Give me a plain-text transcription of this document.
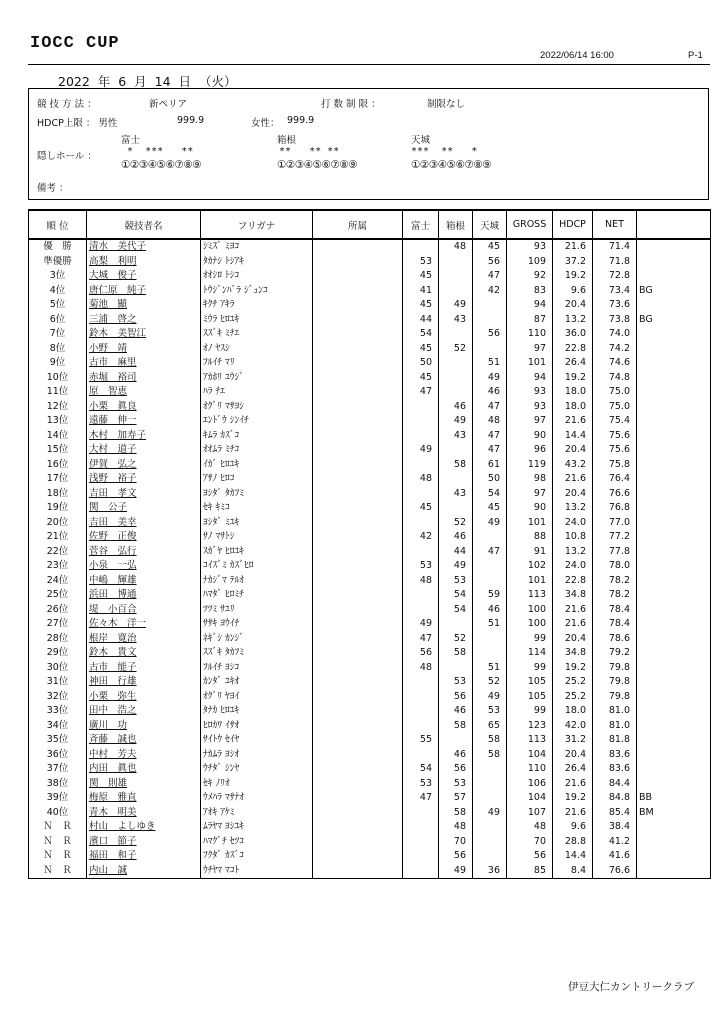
IOCC CUP
2022/06/14 16:00	P-1
2022 年 6 月 14 日 （火）
競 技 方 法 ：	新ペリア	打 数 制 限 ：	制限なし
HDCP上限 ： 男性	999.9	女性： 999.9
富士	箱根	天城
隠しホール ： *  ***   **	**   ** **	***  **   *
①②③④⑤⑥⑦⑧⑨	①②③④⑤⑥⑦⑧⑨	①②③④⑤⑥⑦⑧⑨
備考 ：
順 位	競技者名	フリガナ	所属	富士	箱根	天城	GROSS	HDCP	NET	
優　勝	清水　美代子	ｼﾐｽﾞ ﾐﾖｺ			48	45	93	21.6	71.4	
準優勝	高梨　利明	ﾀｶﾅｼ ﾄｼｱｷ		53		56	109	37.2	71.8	
3位	大城　俊子	ｵｵｼﾛ ﾄｼｺ		45		47	92	19.2	72.8	
4位	唐仁原　純子	ﾄｳｼﾞﾝﾊﾞﾗ ｼﾞｭﾝｺ		41		42	83	9.6	73.4	BG
5位	菊池　顯	ｷｸﾁ ｱｷﾗ		45	49		94	20.4	73.6	
6位	三浦　啓之	ﾐｳﾗ ﾋﾛﾕｷ		44	43		87	13.2	73.8	BG
7位	鈴木　美智江	ｽｽﾞｷ ﾐﾁｴ		54		56	110	36.0	74.0	
8位	小野　靖	ｵﾉ ﾔｽｼ		45	52		97	22.8	74.2	
9位	古市　麻里	ﾌﾙｲﾁ ﾏﾘ		50		51	101	26.4	74.6	
10位	赤堀　裕司	ｱｶﾎﾘ ﾕｳｼﾞ		45		49	94	19.2	74.8	
11位	原　智恵	ﾊﾗ ﾁｴ		47		46	93	18.0	75.0	
12位	小栗　眞良	ｵｸﾞﾘ ﾏｻﾖｼ			46	47	93	18.0	75.0	
13位	遠藤　伸一	ｴﾝﾄﾞｳ ｼﾝｲﾁ			49	48	97	21.6	75.4	
14位	木村　加寿子	ｷﾑﾗ ｶｽﾞｺ			43	47	90	14.4	75.6	
15位	大村　道子	ｵｵﾑﾗ ﾐﾁｺ		49		47	96	20.4	75.6	
16位	伊賀　弘之	ｲｶﾞ ﾋﾛﾕｷ			58	61	119	43.2	75.8	
17位	浅野　裕子	ｱｻﾉ ﾋﾛｺ		48		50	98	21.6	76.4	
18位	吉田　孝文	ﾖｼﾀﾞ ﾀｶﾌﾐ			43	54	97	20.4	76.6	
19位	関　公子	ｾｷ ｷﾐｺ		45		45	90	13.2	76.8	
20位	吉田　美幸	ﾖｼﾀﾞ ﾐﾕｷ			52	49	101	24.0	77.0	
21位	佐野　正俊	ｻﾉ ﾏｻﾄｼ		42	46		88	10.8	77.2	
22位	菅谷　弘行	ｽｶﾞﾔ ﾋﾛﾕｷ			44	47	91	13.2	77.8	
23位	小泉　一弘	ｺｲｽﾞﾐ ｶｽﾞﾋﾛ		53	49		102	24.0	78.0	
24位	中嶋　輝雄	ﾅｶｼﾞﾏ ﾃﾙｵ		48	53		101	22.8	78.2	
25位	浜田　博通	ﾊﾏﾀﾞ ﾋﾛﾐﾁ			54	59	113	34.8	78.2	
26位	堤　小百合	ﾂﾂﾐ ｻﾕﾘ			54	46	100	21.6	78.4	
27位	佐々木　洋一	ｻｻｷ ﾖｳｲﾁ		49		51	100	21.6	78.4	
28位	根岸　寛治	ﾈｷﾞｼ ｶﾝｼﾞ		47	52		99	20.4	78.6	
29位	鈴木　貴文	ｽｽﾞｷ ﾀｶﾌﾐ		56	58		114	34.8	79.2	
30位	古市　能子	ﾌﾙｲﾁ ﾖｼｺ		48		51	99	19.2	79.8	
31位	神田　行雄	ｶﾝﾀﾞ ﾕｷｵ			53	52	105	25.2	79.8	
32位	小栗　弥生	ｵｸﾞﾘ ﾔﾖｲ			56	49	105	25.2	79.8	
33位	田中　浩之	ﾀﾅｶ ﾋﾛﾕｷ			46	53	99	18.0	81.0	
34位	廣川　功	ﾋﾛｶﾜ ｲｻｵ			58	65	123	42.0	81.0	
35位	斉藤　誠也	ｻｲﾄｳ ｾｲﾔ		55		58	113	31.2	81.8	
36位	中村　芳夫	ﾅｶﾑﾗ ﾖｼｵ			46	58	104	20.4	83.6	
37位	内田　眞也	ｳﾁﾀﾞ ｼﾝﾔ		54	56		110	26.4	83.6	
38位	関　則雄	ｾｷ ﾉﾘｵ		53	53		106	21.6	84.4	
39位	梅原　雅直	ｳﾒﾊﾗ ﾏｻﾅｵ		47	57		104	19.2	84.8	BB
40位	青木　明美	ｱｵｷ ｱｹﾐ			58	49	107	21.6	85.4	BM
Ｎ　Ｒ	村山　よしゆき	ﾑﾗﾔﾏ ﾖｼﾕｷ			48		48	9.6	38.4	
Ｎ　Ｒ	濱口　節子	ﾊﾏｸﾞﾁ ｾﾂｺ			70		70	28.8	41.2	
Ｎ　Ｒ	福田　和子	ﾌｸﾀﾞ ｶｽﾞｺ			56		56	14.4	41.6	
Ｎ　Ｒ	内山　誠	ｳﾁﾔﾏ ﾏｺﾄ			49	36	85	8.4	76.6	
伊豆大仁カントリークラブ
